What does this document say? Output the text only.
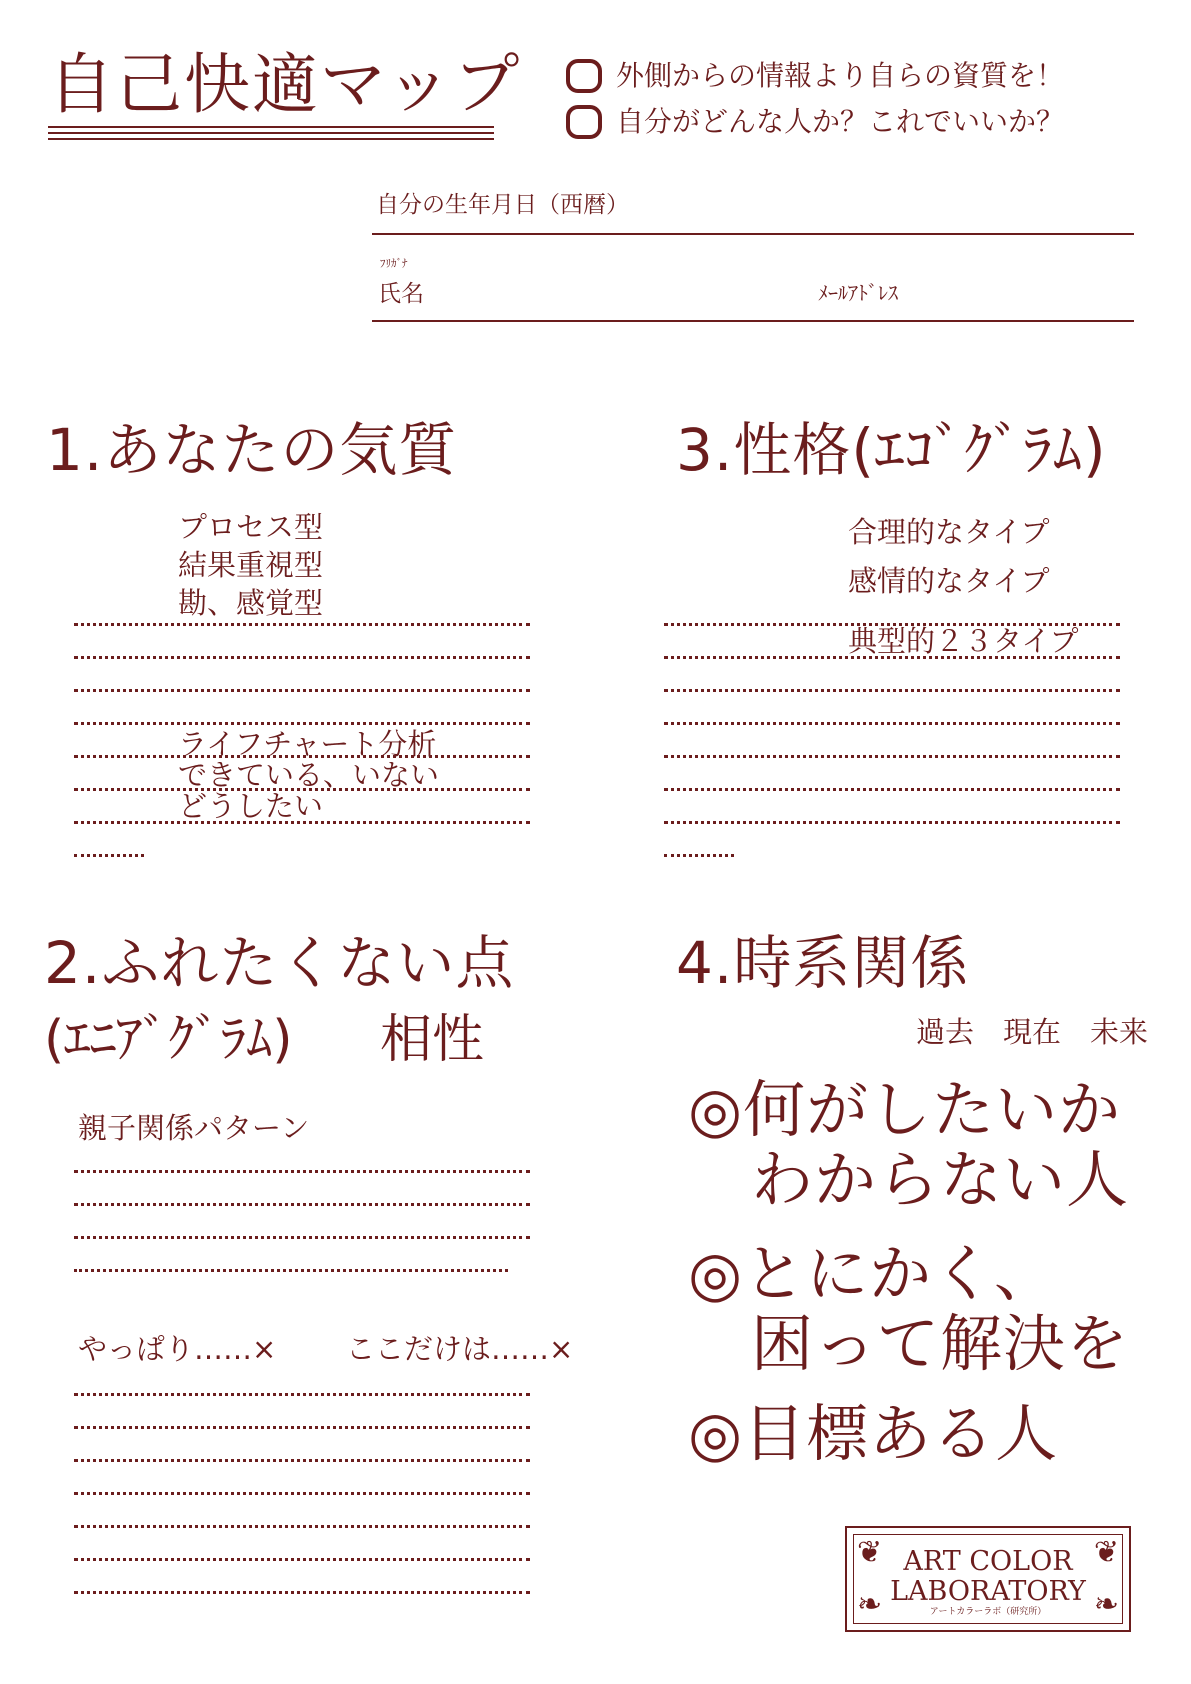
自己快適マップ	外側からの情報より自らの資質を！
自分がどんな人か？これでいいか？
自分の生年月日（西暦）
ﾌﾘｶﾞﾅ
氏名	ﾒｰﾙｱﾄﾞﾚｽ
1.あなたの気質
プロセス型
結果重視型
勘、感覚型
ライフチャート分析
できている、いない
どうしたい
3.性格(ｴｺﾞｸﾞﾗﾑ)
合理的なタイプ
感情的なタイプ
典型的２３タイプ
2.ふれたくない点
(ｴﾆｱﾞｸﾞﾗﾑ) 相性
親子関係パターン
やっぱり……× ここだけは……×
4.時系関係
過去　現在　未来
◎何がしたいか
　わからない人
◎とにかく、
　困って解決を
◎目標ある人
❦
❧
❦
❧
ART COLOR
LABORATORY
アートカラーラボ（研究所）
